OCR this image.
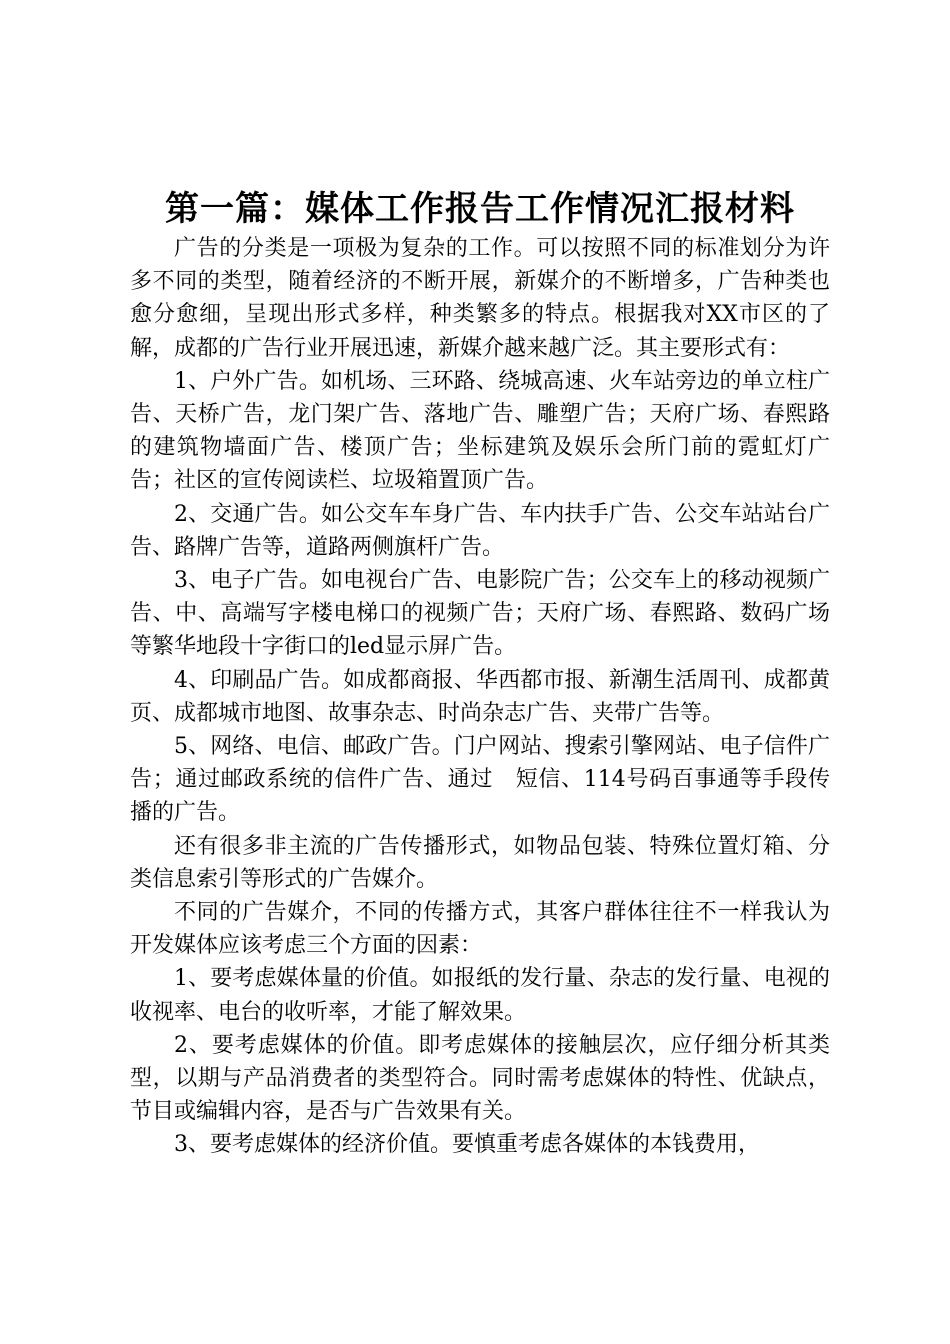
第一篇：媒体工作报告工作情况汇报材料

广告的分类是一项极为复杂的工作。可以按照不同的标准划分为许多不同的类型，随着经济的不断开展，新媒介的不断增多，广告种类也愈分愈细，呈现出形式多样，种类繁多的特点。根据我对XX市区的了解，成都的广告行业开展迅速，新媒介越来越广泛。其主要形式有：

1、户外广告。如机场、三环路、绕城高速、火车站旁边的单立柱广告、天桥广告，龙门架广告、落地广告、雕塑广告；天府广场、春熙路的建筑物墙面广告、楼顶广告；坐标建筑及娱乐会所门前的霓虹灯广告；社区的宣传阅读栏、垃圾箱置顶广告。

2、交通广告。如公交车车身广告、车内扶手广告、公交车站站台广告、路牌广告等，道路两侧旗杆广告。

3、电子广告。如电视台广告、电影院广告；公交车上的移动视频广告、中、高端写字楼电梯口的视频广告；天府广场、春熙路、数码广场等繁华地段十字街口的led显示屏广告。

4、印刷品广告。如成都商报、华西都市报、新潮生活周刊、成都黄页、成都城市地图、故事杂志、时尚杂志广告、夹带广告等。

5、网络、电信、邮政广告。门户网站、搜索引擎网站、电子信件广告；通过邮政系统的信件广告、通过　短信、114号码百事通等手段传播的广告。

还有很多非主流的广告传播形式，如物品包装、特殊位置灯箱、分类信息索引等形式的广告媒介。

不同的广告媒介，不同的传播方式，其客户群体往往不一样我认为开发媒体应该考虑三个方面的因素：

1、要考虑媒体量的价值。如报纸的发行量、杂志的发行量、电视的收视率、电台的收听率，才能了解效果。

2、要考虑媒体的价值。即考虑媒体的接触层次，应仔细分析其类型，以期与产品消费者的类型符合。同时需考虑媒体的特性、优缺点，节目或编辑内容，是否与广告效果有关。

3、要考虑媒体的经济价值。要慎重考虑各媒体的本钱费用，
